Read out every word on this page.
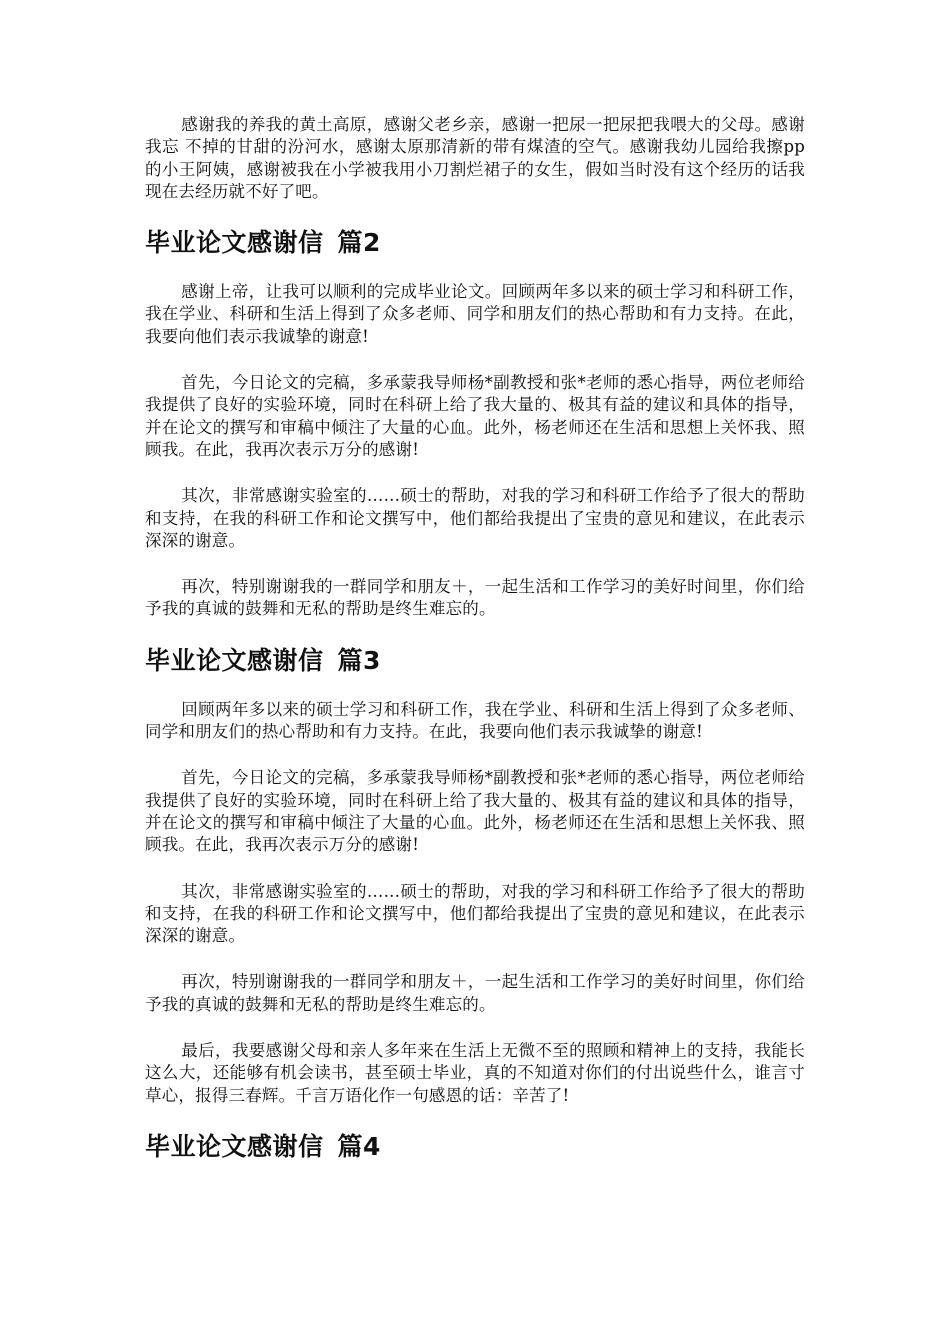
感谢我的养我的黄土高原，感谢父老乡亲，感谢一把尿一把尿把我喂大的父母。感谢我忘 不掉的甘甜的汾河水，感谢太原那清新的带有煤渣的空气。感谢我幼儿园给我擦pp的小王阿姨，感谢被我在小学被我用小刀割烂裙子的女生，假如当时没有这个经历的话我现在去经历就不好了吧。

毕业论文感谢信 篇2

感谢上帝，让我可以顺利的完成毕业论文。回顾两年多以来的硕士学习和科研工作，我在学业、科研和生活上得到了众多老师、同学和朋友们的热心帮助和有力支持。在此，我要向他们表示我诚挚的谢意!

首先，今日论文的完稿，多承蒙我导师杨*副教授和张*老师的悉心指导，两位老师给我提供了良好的实验环境，同时在科研上给了我大量的、极其有益的建议和具体的指导，并在论文的撰写和审稿中倾注了大量的心血。此外，杨老师还在生活和思想上关怀我、照顾我。在此，我再次表示万分的感谢!

其次，非常感谢实验室的……硕士的帮助，对我的学习和科研工作给予了很大的帮助和支持，在我的科研工作和论文撰写中，他们都给我提出了宝贵的意见和建议，在此表示深深的谢意。

再次，特别谢谢我的一群同学和朋友＋，一起生活和工作学习的美好时间里，你们给予我的真诚的鼓舞和无私的帮助是终生难忘的。

毕业论文感谢信 篇3

回顾两年多以来的硕士学习和科研工作，我在学业、科研和生活上得到了众多老师、同学和朋友们的热心帮助和有力支持。在此，我要向他们表示我诚挚的谢意!

首先，今日论文的完稿，多承蒙我导师杨*副教授和张*老师的悉心指导，两位老师给我提供了良好的实验环境，同时在科研上给了我大量的、极其有益的建议和具体的指导，并在论文的撰写和审稿中倾注了大量的心血。此外，杨老师还在生活和思想上关怀我、照顾我。在此，我再次表示万分的感谢!

其次，非常感谢实验室的……硕士的帮助，对我的学习和科研工作给予了很大的帮助和支持，在我的科研工作和论文撰写中，他们都给我提出了宝贵的意见和建议，在此表示深深的谢意。

再次，特别谢谢我的一群同学和朋友＋，一起生活和工作学习的美好时间里，你们给予我的真诚的鼓舞和无私的帮助是终生难忘的。

最后，我要感谢父母和亲人多年来在生活上无微不至的照顾和精神上的支持，我能长这么大，还能够有机会读书，甚至硕士毕业，真的不知道对你们的付出说些什么，谁言寸草心，报得三春辉。千言万语化作一句感恩的话：辛苦了!

毕业论文感谢信 篇4
